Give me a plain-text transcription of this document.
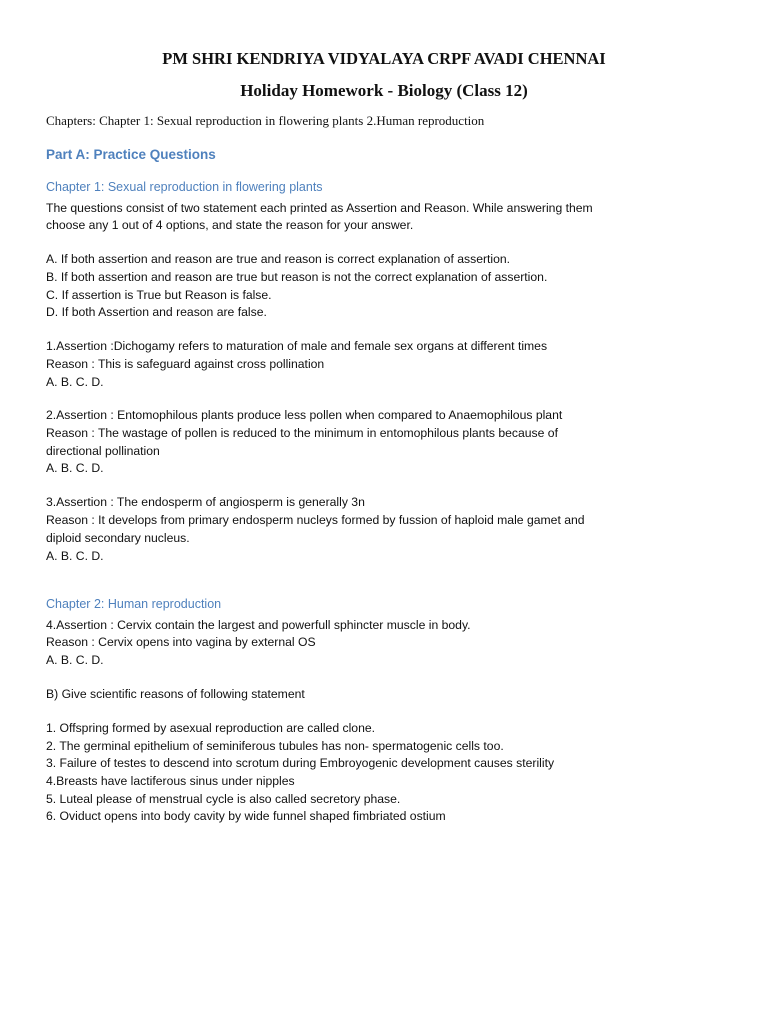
PM SHRI KENDRIYA VIDYALAYA CRPF AVADI CHENNAI
Holiday Homework - Biology (Class 12)
Chapters: Chapter 1: Sexual reproduction in flowering plants 2.Human reproduction
Part A: Practice Questions
Chapter 1: Sexual reproduction in flowering plants
The questions consist of two statement each printed as Assertion and Reason. While answering them
choose any 1 out of 4 options, and state the reason for your answer.
A. If both assertion and reason are true and reason is correct explanation of assertion.
B. If both assertion and reason are true but reason is not the correct explanation of assertion.
C. If assertion is True but Reason is false.
D. If both Assertion and reason are false.
1.Assertion :Dichogamy refers to maturation of male and female sex organs at different times
Reason : This is safeguard against cross pollination
A. B. C. D.
2.Assertion : Entomophilous plants produce less pollen when compared to Anaemophilous plant
Reason : The wastage of pollen is reduced to the minimum in entomophilous plants because of
directional pollination
A. B. C. D.
3.Assertion : The endosperm of angiosperm is generally 3n
Reason : It develops from primary endosperm nucleys formed by fussion of haploid male gamet and
diploid secondary nucleus.
A. B. C. D.
Chapter 2: Human reproduction
4.Assertion : Cervix contain the largest and powerfull sphincter muscle in body.
Reason : Cervix opens into vagina by external OS
A. B. C. D.
B) Give scientific reasons of following statement
1. Offspring formed by asexual reproduction are called clone.
2. The germinal epithelium of seminiferous tubules has non- spermatogenic cells too.
3. Failure of testes to descend into scrotum during Embroyogenic development causes sterility
4.Breasts have lactiferous sinus under nipples
5. Luteal please of menstrual cycle is also called secretory phase.
6. Oviduct opens into body cavity by wide funnel shaped fimbriated ostium
